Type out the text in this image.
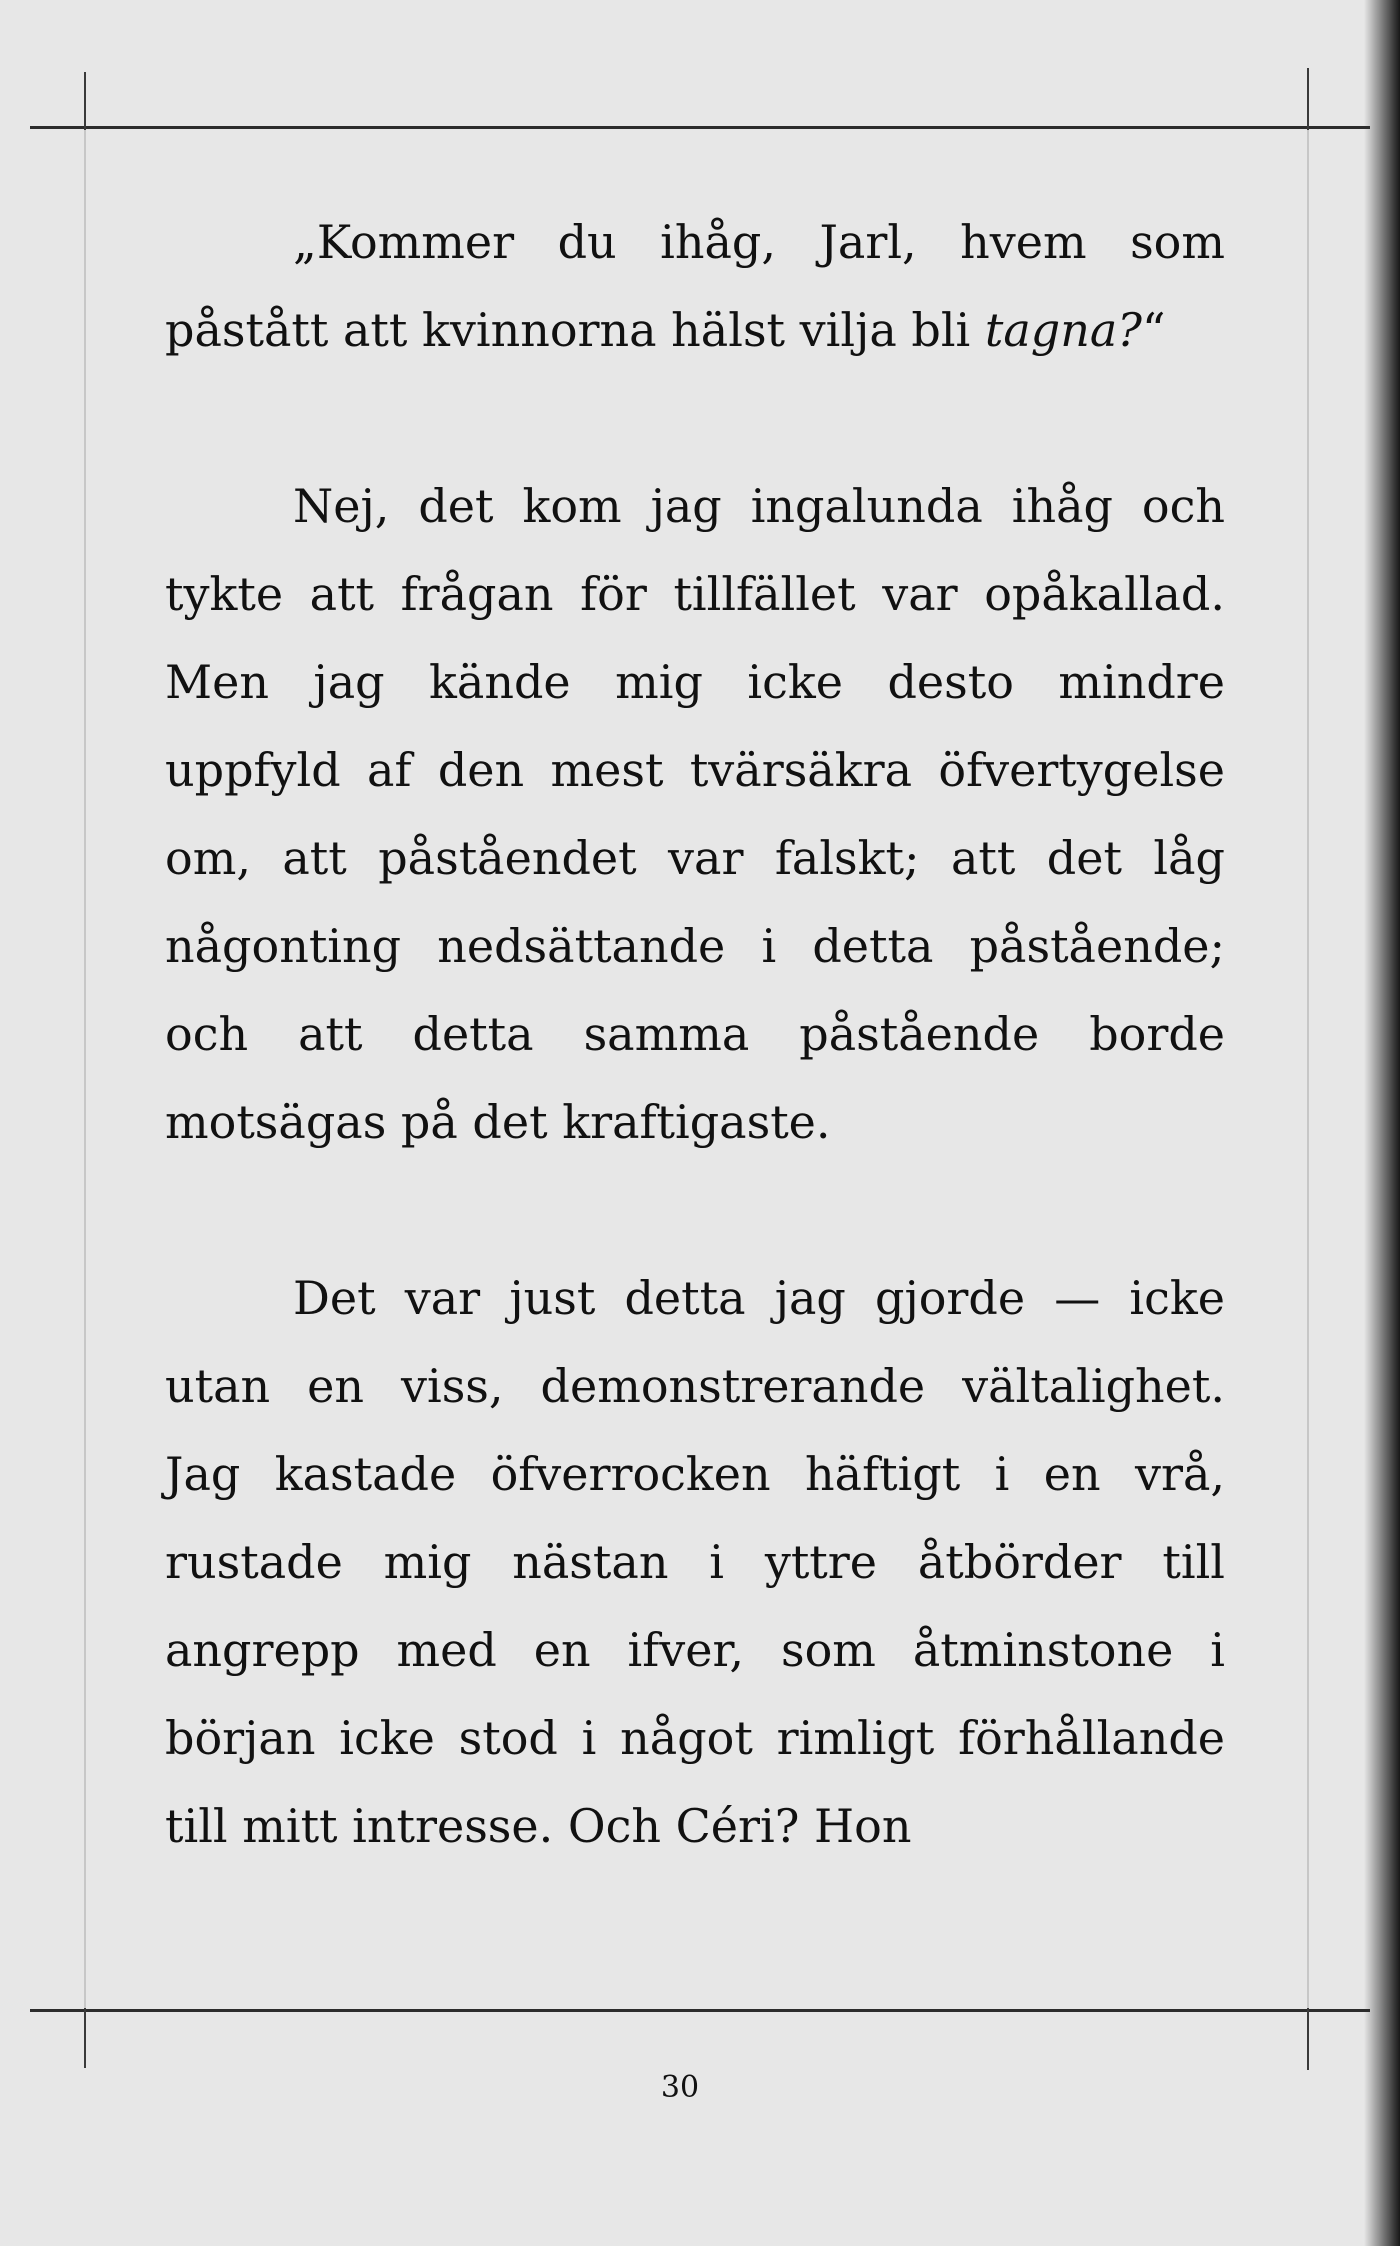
„Kommer du ihåg, Jarl, hvem som påstått att kvinnorna hälst vilja bli tagna?“

Nej, det kom jag ingalunda ihåg och tykte att frågan för tillfället var opåkallad. Men jag kände mig icke desto mindre uppfyld af den mest tvärsäkra öfvertygelse om, att påståendet var falskt; att det låg någonting nedsättande i detta påstående; och att detta samma påstående borde motsägas på det kraftigaste.

Det var just detta jag gjorde — icke utan en viss, demonstrerande vältalighet. Jag kastade öfverrocken häftigt i en vrå, rustade mig nästan i yttre åtbörder till angrepp med en ifver, som åtminstone i början icke stod i något rimligt förhållande till mitt intresse. Och Céri? Hon

30
